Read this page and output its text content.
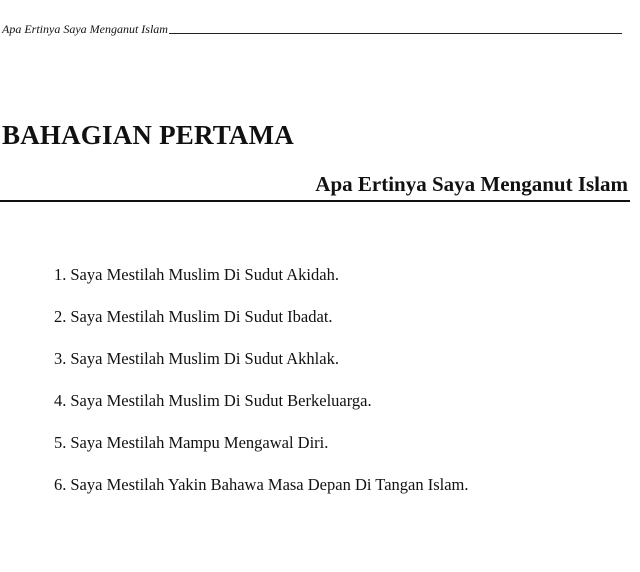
Apa Ertinya Saya Menganut Islam
BAHAGIAN PERTAMA
Apa Ertinya Saya Menganut Islam
1. Saya Mestilah Muslim Di Sudut Akidah.
2. Saya Mestilah Muslim Di Sudut Ibadat.
3. Saya Mestilah Muslim Di Sudut Akhlak.
4. Saya Mestilah Muslim Di Sudut Berkeluarga.
5. Saya Mestilah Mampu Mengawal Diri.
6. Saya Mestilah Yakin Bahawa Masa Depan Di Tangan Islam.
